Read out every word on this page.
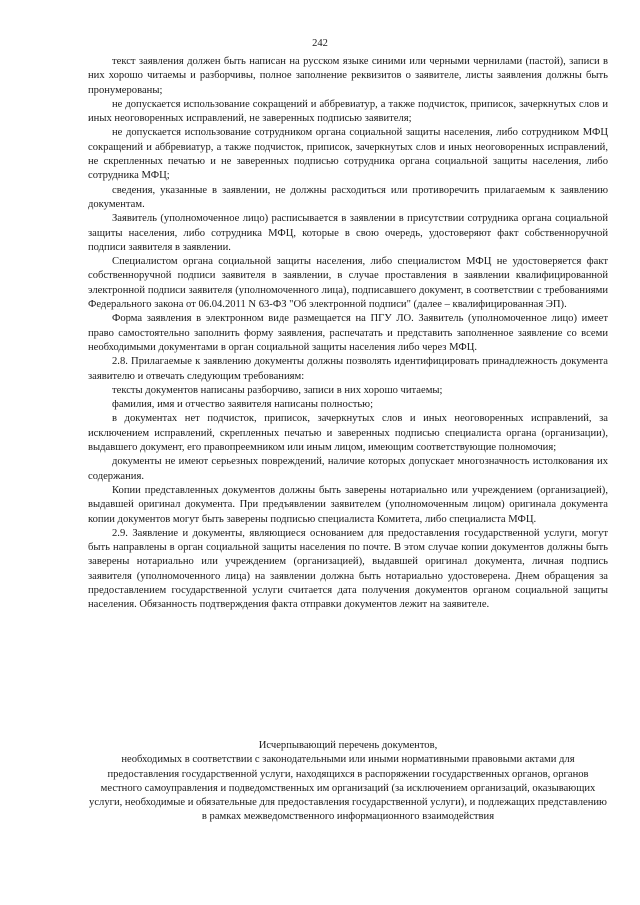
242

текст заявления должен быть написан на русском языке синими или черными чернилами (пастой), записи в них хорошо читаемы и разборчивы, полное заполнение реквизитов о заявителе, листы заявления должны быть пронумерованы;

не допускается использование сокращений и аббревиатур, а также подчисток, приписок, зачеркнутых слов и иных неоговоренных исправлений, не заверенных подписью заявителя;

не допускается использование сотрудником органа социальной защиты населения, либо сотрудником МФЦ сокращений и аббревиатур, а также подчисток, приписок, зачеркнутых слов и иных неоговоренных исправлений, не скрепленных печатью и не заверенных подписью сотрудника органа социальной защиты населения, либо сотрудника МФЦ;

сведения, указанные в заявлении, не должны расходиться или противоречить прилагаемым к заявлению документам.

Заявитель (уполномоченное лицо) расписывается в заявлении в присутствии сотрудника органа социальной защиты населения, либо сотрудника МФЦ, которые в свою очередь, удостоверяют факт собственноручной подписи заявителя в заявлении.

Специалистом органа социальной защиты населения, либо специалистом МФЦ не удостоверяется факт собственноручной подписи заявителя в заявлении, в случае проставления в заявлении квалифицированной электронной подписи заявителя (уполномоченного лица), подписавшего документ, в соответствии с требованиями Федерального закона от 06.04.2011 N 63-ФЗ "Об электронной подписи" (далее – квалифицированная ЭП).

Форма заявления в электронном виде размещается на ПГУ ЛО. Заявитель (уполномоченное лицо) имеет право самостоятельно заполнить форму заявления, распечатать и представить заполненное заявление со всеми необходимыми документами в орган социальной защиты населения либо через МФЦ.

2.8. Прилагаемые к заявлению документы должны позволять идентифицировать принадлежность документа заявителю и отвечать следующим требованиям:

тексты документов написаны разборчиво, записи в них хорошо читаемы;

фамилия, имя и отчество заявителя написаны полностью;

в документах нет подчисток, приписок, зачеркнутых слов и иных неоговоренных исправлений, за исключением исправлений, скрепленных печатью и заверенных подписью специалиста органа (организации), выдавшего документ, его правопреемником или иным лицом, имеющим соответствующие полномочия;

документы не имеют серьезных повреждений, наличие которых допускает многозначность истолкования их содержания.

Копии представленных документов должны быть заверены нотариально или учреждением (организацией), выдавшей оригинал документа. При предъявлении заявителем (уполномоченным лицом) оригинала документа копии документов могут быть заверены подписью специалиста Комитета, либо специалиста МФЦ.

2.9. Заявление и документы, являющиеся основанием для предоставления государственной услуги, могут быть направлены в орган социальной защиты населения по почте. В этом случае копии документов должны быть заверены нотариально или учреждением (организацией), выдавшей оригинал документа, личная подпись заявителя (уполномоченного лица) на заявлении должна быть нотариально удостоверена. Днем обращения за предоставлением государственной услуги считается дата получения документов органом социальной защиты населения. Обязанность подтверждения факта отправки документов лежит на заявителе.

Исчерпывающий перечень документов,
необходимых в соответствии с законодательными или иными нормативными правовыми актами для предоставления государственной услуги, находящихся в распоряжении государственных органов, органов местного самоуправления и подведомственных им организаций (за исключением организаций, оказывающих услуги, необходимые и обязательные для предоставления государственной услуги), и подлежащих представлению в рамках межведомственного информационного взаимодействия
